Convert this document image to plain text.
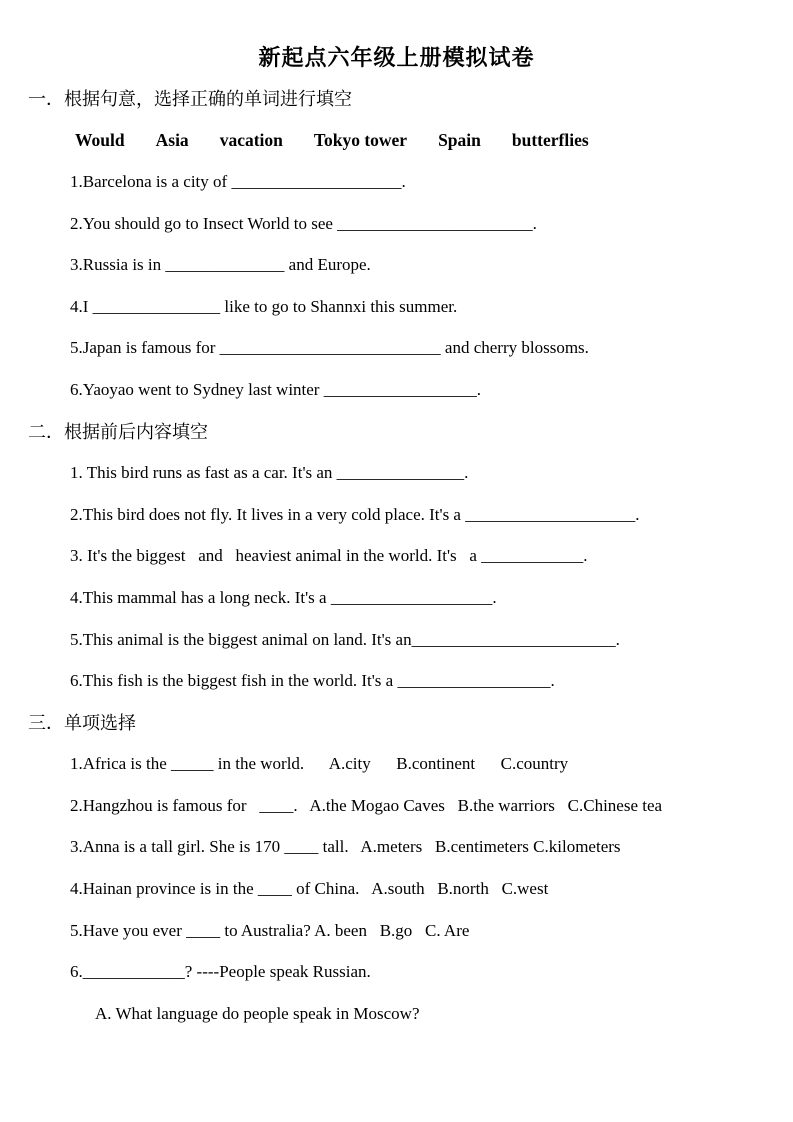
新起点六年级上册模拟试卷
一．根据句意，选择正确的单词进行填空
Would Asia vacation Tokyo tower Spain butterflies
1.Barcelona is a city of ____________________.
2.You should go to Insect World to see _______________________.
3.Russia is in ______________ and Europe.
4.I _______________ like to go to Shannxi this summer.
5.Japan is famous for __________________________ and cherry blossoms.
6.Yaoyao went to Sydney last winter __________________.
二．根据前后内容填空
1. This bird runs as fast as a car. It's an _______________.
2.This bird does not fly. It lives in a very cold place. It's a ____________________.
3. It's the biggest   and   heaviest animal in the world. It's   a ____________.
4.This mammal has a long neck. It's a ___________________.
5.This animal is the biggest animal on land. It's an________________________.
6.This fish is the biggest fish in the world. It's a __________________.
三．单项选择
1.Africa is the _____ in the world.      A.city      B.continent      C.country
2.Hangzhou is famous for   ____.   A.the Mogao Caves   B.the warriors   C.Chinese tea
3.Anna is a tall girl. She is 170 ____ tall.   A.meters   B.centimeters C.kilometers
4.Hainan province is in the ____ of China.   A.south   B.north   C.west
5.Have you ever ____ to Australia? A. been   B.go   C. Are
6.____________? ----People speak Russian.
A. What language do people speak in Moscow?
